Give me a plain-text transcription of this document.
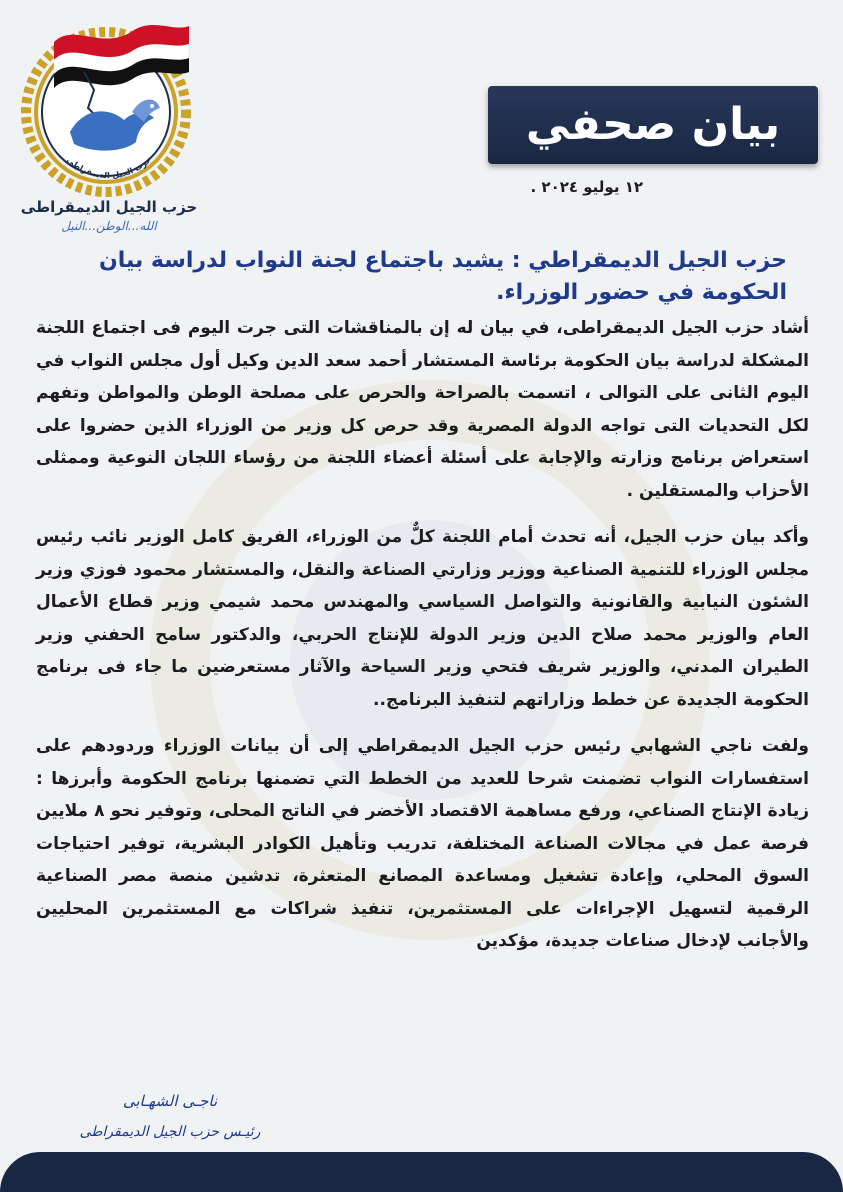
حزب الجيل الديمقراطى
حزب الجيل الديمقراطى
الله...الوطن...النيل
بيان صحفي
١٢ يوليو ٢٠٢٤ .
حزب الجيل الديمقراطي : يشيد باجتماع لجنة النواب لدراسة بيان الحكومة في حضور الوزراء.

أشاد حزب الجيل الديمقراطى، في بيان له إن بالمناقشات التى جرت اليوم فى اجتماع اللجنة المشكلة لدراسة بيان الحكومة برئاسة المستشار أحمد سعد الدين وكيل أول مجلس النواب في اليوم الثانى على التوالى ، اتسمت بالصراحة والحرص على مصلحة الوطن والمواطن وتفهم لكل التحديات التى تواجه الدولة المصرية وقد حرص كل وزير من الوزراء الذين حضروا على استعراض برنامج وزارته والإجابة على أسئلة أعضاء اللجنة من رؤساء اللجان النوعية وممثلى الأحزاب والمستقلين .

وأكد بيان حزب الجيل، أنه تحدث أمام اللجنة كلٌّ من الوزراء، الفريق كامل الوزير نائب رئيس مجلس الوزراء للتنمية الصناعية ووزير وزارتي الصناعة والنقل، والمستشار محمود فوزي وزير الشئون النيابية والقانونية والتواصل السياسي والمهندس محمد شيمي وزير قطاع الأعمال العام والوزير محمد صلاح الدين وزير الدولة للإنتاج الحربي، والدكتور سامح الحفني وزير الطيران المدني، والوزير شريف فتحي وزير السياحة والآثار مستعرضين ما جاء فى برنامج الحكومة الجديدة عن خطط وزاراتهم لتنفيذ البرنامج..

ولفت ناجي الشهابي رئيس حزب الجيل الديمقراطي إلى أن بيانات الوزراء وردودهم على استفسارات النواب تضمنت شرحا للعديد من الخطط التي تضمنها برنامج الحكومة وأبرزها : زيادة الإنتاج الصناعي، ورفع مساهمة الاقتصاد الأخضر في الناتج المحلى، وتوفير نحو ٨ ملايين فرصة عمل في مجالات الصناعة المختلفة، تدريب وتأهيل الكوادر البشرية، توفير احتياجات السوق المحلي، وإعادة تشغيل ومساعدة المصانع المتعثرة، تدشين منصة مصر الصناعية الرقمية لتسهيل الإجراءات على المستثمرين، تنفيذ شراكات مع المستثمرين المحليين والأجانب لإدخال صناعات جديدة، مؤكدين

ناجـى الشهـابى
رئيـس حزب الجيل الديمقراطى
